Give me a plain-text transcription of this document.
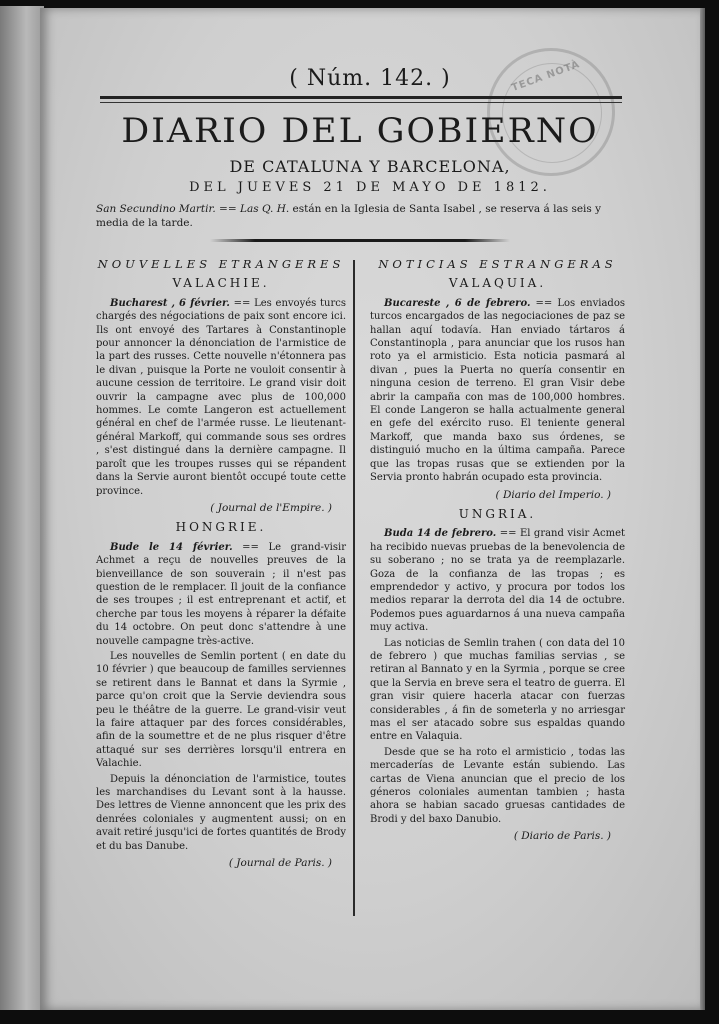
TECA NOTÀ
( Núm. 142. )
DIARIO DEL GOBIERNO
DE CATALUNA Y BARCELONA,
DEL JUEVES 21 DE MAYO DE 1812.
San Secundino Martir. == Las Q. H. están en la Iglesia de Santa Isabel , se reserva á las seis y media de la tarde.
NOUVELLES ETRANGERES
VALACHIE.

Bucharest , 6 février. == Les envoyés turcs chargés des négociations de paix sont encore ici. Ils ont envoyé des Tartares à Constantinople pour annoncer la dénonciation de l'armistice de la part des russes. Cette nouvelle n'étonnera pas le divan , puisque la Porte ne vouloit consentir à aucune cession de territoire. Le grand visir doit ouvrir la campagne avec plus de 100,000 hommes. Le comte Langeron est actuellement général en chef de l'armée russe. Le lieutenant-général Markoff, qui commande sous ses ordres , s'est distingué dans la dernière campagne. Il paroît que les troupes russes qui se répandent dans la Servie auront bientôt occupé toute cette province.

( Journal de l'Empire. )
HONGRIE.

Bude le 14 février. == Le grand-visir Achmet a reçu de nouvelles preuves de la bienveillance de son souverain ; il n'est pas question de le remplacer. Il jouit de la confiance de ses troupes ; il est entreprenant et actif, et cherche par tous les moyens à réparer la défaite du 14 octobre. On peut donc s'attendre à une nouvelle campagne très-active.

Les nouvelles de Semlin portent ( en date du 10 février ) que beaucoup de familles serviennes se retirent dans le Bannat et dans la Syrmie , parce qu'on croit que la Servie deviendra sous peu le théâtre de la guerre. Le grand-visir veut la faire attaquer par des forces considérables, afin de la soumettre et de ne plus risquer d'être attaqué sur ses derrières lorsqu'il entrera en Valachie.

Depuis la dénonciation de l'armistice, toutes les marchandises du Levant sont à la hausse. Des lettres de Vienne annoncent que les prix des denrées coloniales y augmentent aussi; on en avait retiré jusqu'ici de fortes quantités de Brody et du bas Danube.

( Journal de Paris. )
NOTICIAS ESTRANGERAS
VALAQUIA.

Bucareste , 6 de febrero. == Los enviados turcos encargados de las negociaciones de paz se hallan aquí todavía. Han enviado tártaros á Constantinopla , para anunciar que los rusos han roto ya el armisticio. Esta noticia pasmará al divan , pues la Puerta no quería consentir en ninguna cesion de terreno. El gran Visir debe abrir la campaña con mas de 100,000 hombres. El conde Langeron se halla actualmente general en gefe del exército ruso. El teniente general Markoff, que manda baxo sus órdenes, se distinguió mucho en la última campaña. Parece que las tropas rusas que se extienden por la Servia pronto habrán ocupado esta provincia.

( Diario del Imperio. )
UNGRIA.

Buda 14 de febrero. == El grand visir Acmet ha recibido nuevas pruebas de la benevolencia de su soberano ; no se trata ya de reemplazarle. Goza de la confianza de las tropas ; es emprendedor y activo, y procura por todos los medios reparar la derrota del dia 14 de octubre. Podemos pues aguardarnos á una nueva campaña muy activa.

Las noticias de Semlin trahen ( con data del 10 de febrero ) que muchas familias servias , se retiran al Bannato y en la Syrmia , porque se cree que la Servia en breve sera el teatro de guerra. El gran visir quiere hacerla atacar con fuerzas considerables , á fin de someterla y no arriesgar mas el ser atacado sobre sus espaldas quando entre en Valaquia.

Desde que se ha roto el armisticio , todas las mercaderías de Levante están subiendo. Las cartas de Viena anuncian que el precio de los géneros coloniales aumentan tambien ; hasta ahora se habian sacado gruesas cantidades de Brodi y del baxo Danubio.

( Diario de Paris. )
